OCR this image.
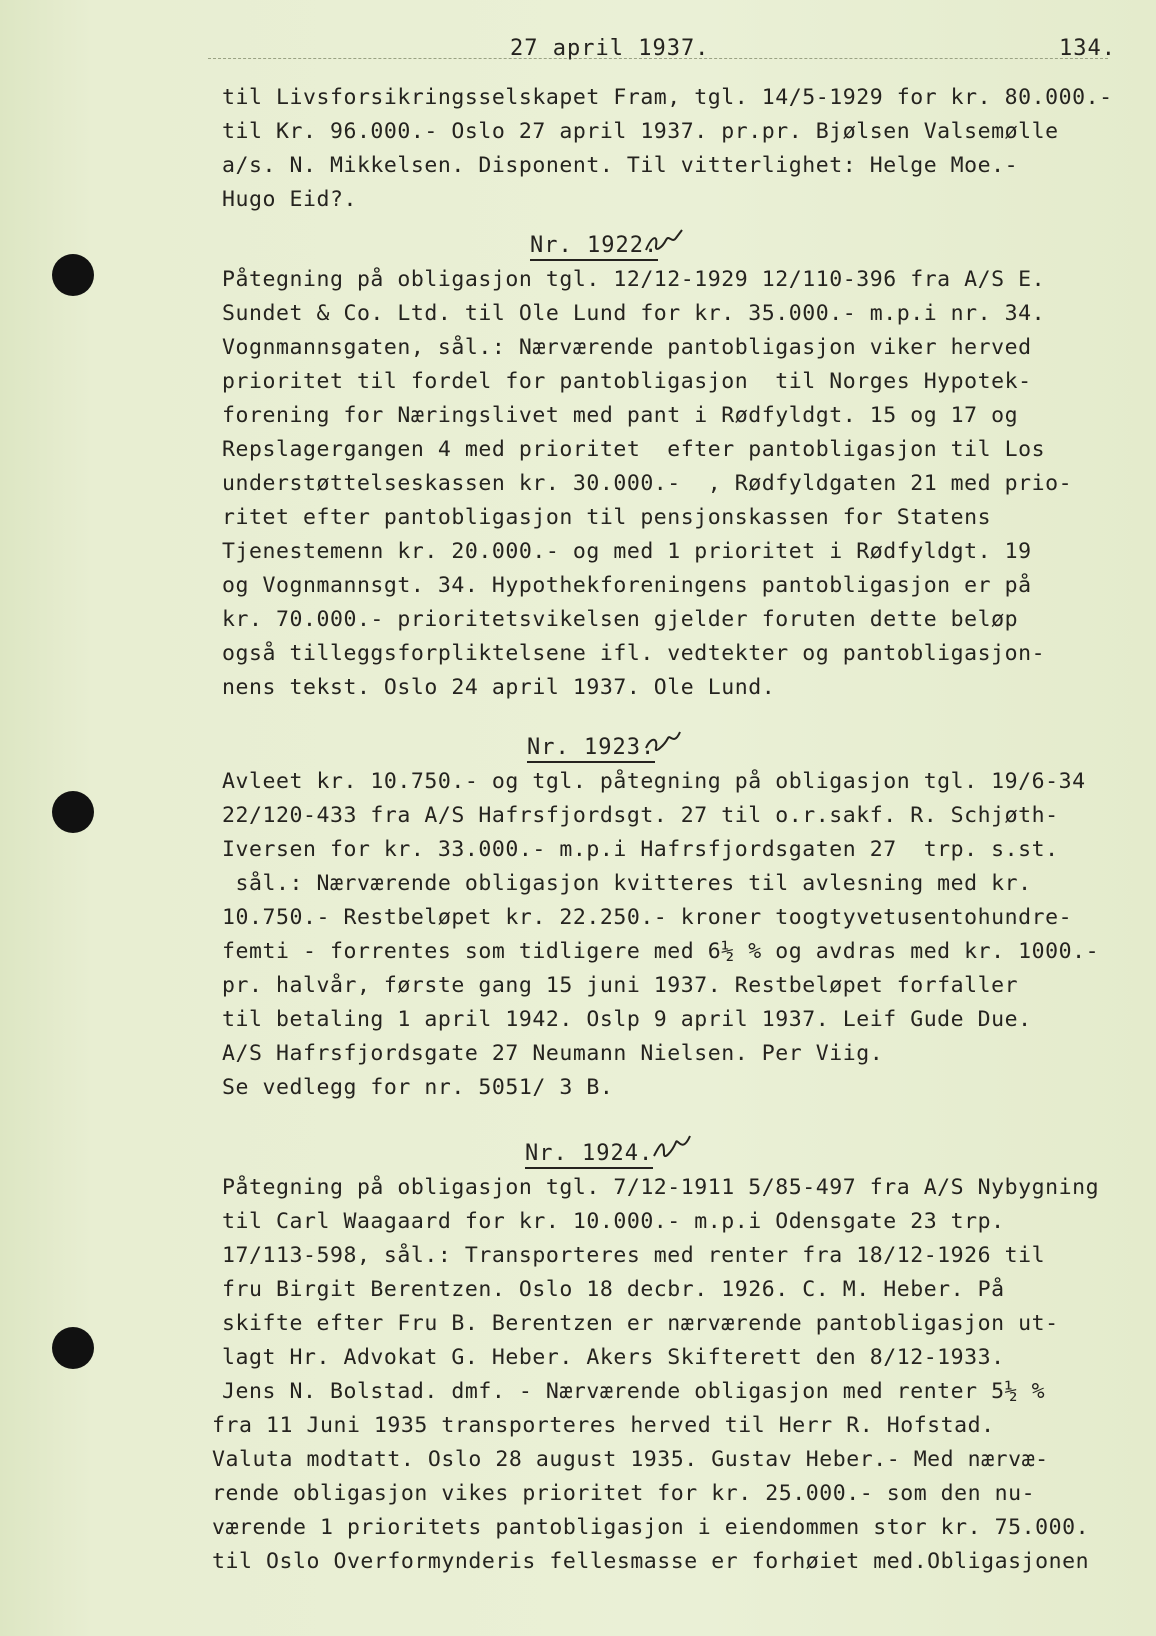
27 april 1937.	134.
til Livsforsikringsselskapet Fram, tgl. 14/5-1929 for kr. 80.000.-
til Kr. 96.000.- Oslo 27 april 1937. pr.pr. Bjølsen Valsemølle
a/s. N. Mikkelsen. Disponent. Til vitterlighet: Helge Moe.-
Hugo Eid?.
Nr. 1922.
Påtegning på obligasjon tgl. 12/12-1929 12/110-396 fra A/S E.
Sundet & Co. Ltd. til Ole Lund for kr. 35.000.- m.p.i nr. 34.
Vognmannsgaten, sål.: Nærværende pantobligasjon viker herved
prioritet til fordel for pantobligasjon  til Norges Hypotek-
forening for Næringslivet med pant i Rødfyldgt. 15 og 17 og
Repslagergangen 4 med prioritet  efter pantobligasjon til Los
understøttelseskassen kr. 30.000.-  , Rødfyldgaten 21 med prio-
ritet efter pantobligasjon til pensjonskassen for Statens
Tjenestemenn kr. 20.000.- og med 1 prioritet i Rødfyldgt. 19
og Vognmannsgt. 34. Hypothekforeningens pantobligasjon er på
kr. 70.000.- prioritetsvikelsen gjelder foruten dette beløp
også tilleggsforpliktelsene ifl. vedtekter og pantobligasjon-
nens tekst. Oslo 24 april 1937. Ole Lund.
Nr. 1923.
Avleet kr. 10.750.- og tgl. påtegning på obligasjon tgl. 19/6-34
22/120-433 fra A/S Hafrsfjordsgt. 27 til o.r.sakf. R. Schjøth-
Iversen for kr. 33.000.- m.p.i Hafrsfjordsgaten 27  trp. s.st.
sål.: Nærværende obligasjon kvitteres til avlesning med kr.
10.750.- Restbeløpet kr. 22.250.- kroner toogtyvetusentohundre-
femti - forrentes som tidligere med 6½ % og avdras med kr. 1000.-
pr. halvår, første gang 15 juni 1937. Restbeløpet forfaller
til betaling 1 april 1942. Oslp 9 april 1937. Leif Gude Due.
A/S Hafrsfjordsgate 27 Neumann Nielsen. Per Viig.
Se vedlegg for nr. 5051/ 3 B.
Nr. 1924.
Påtegning på obligasjon tgl. 7/12-1911 5/85-497 fra A/S Nybygning
til Carl Waagaard for kr. 10.000.- m.p.i Odensgate 23 trp.
17/113-598, sål.: Transporteres med renter fra 18/12-1926 til
fru Birgit Berentzen. Oslo 18 decbr. 1926. C. M. Heber. På
skifte efter Fru B. Berentzen er nærværende pantobligasjon ut-
lagt Hr. Advokat G. Heber. Akers Skifterett den 8/12-1933.
Jens N. Bolstad. dmf. - Nærværende obligasjon med renter 5½ %
fra 11 Juni 1935 transporteres herved til Herr R. Hofstad.
Valuta modtatt. Oslo 28 august 1935. Gustav Heber.- Med nærvæ-
rende obligasjon vikes prioritet for kr. 25.000.- som den nu-
værende 1 prioritets pantobligasjon i eiendommen stor kr. 75.000.
til Oslo Overformynderis fellesmasse er forhøiet med.Obligasjonen
